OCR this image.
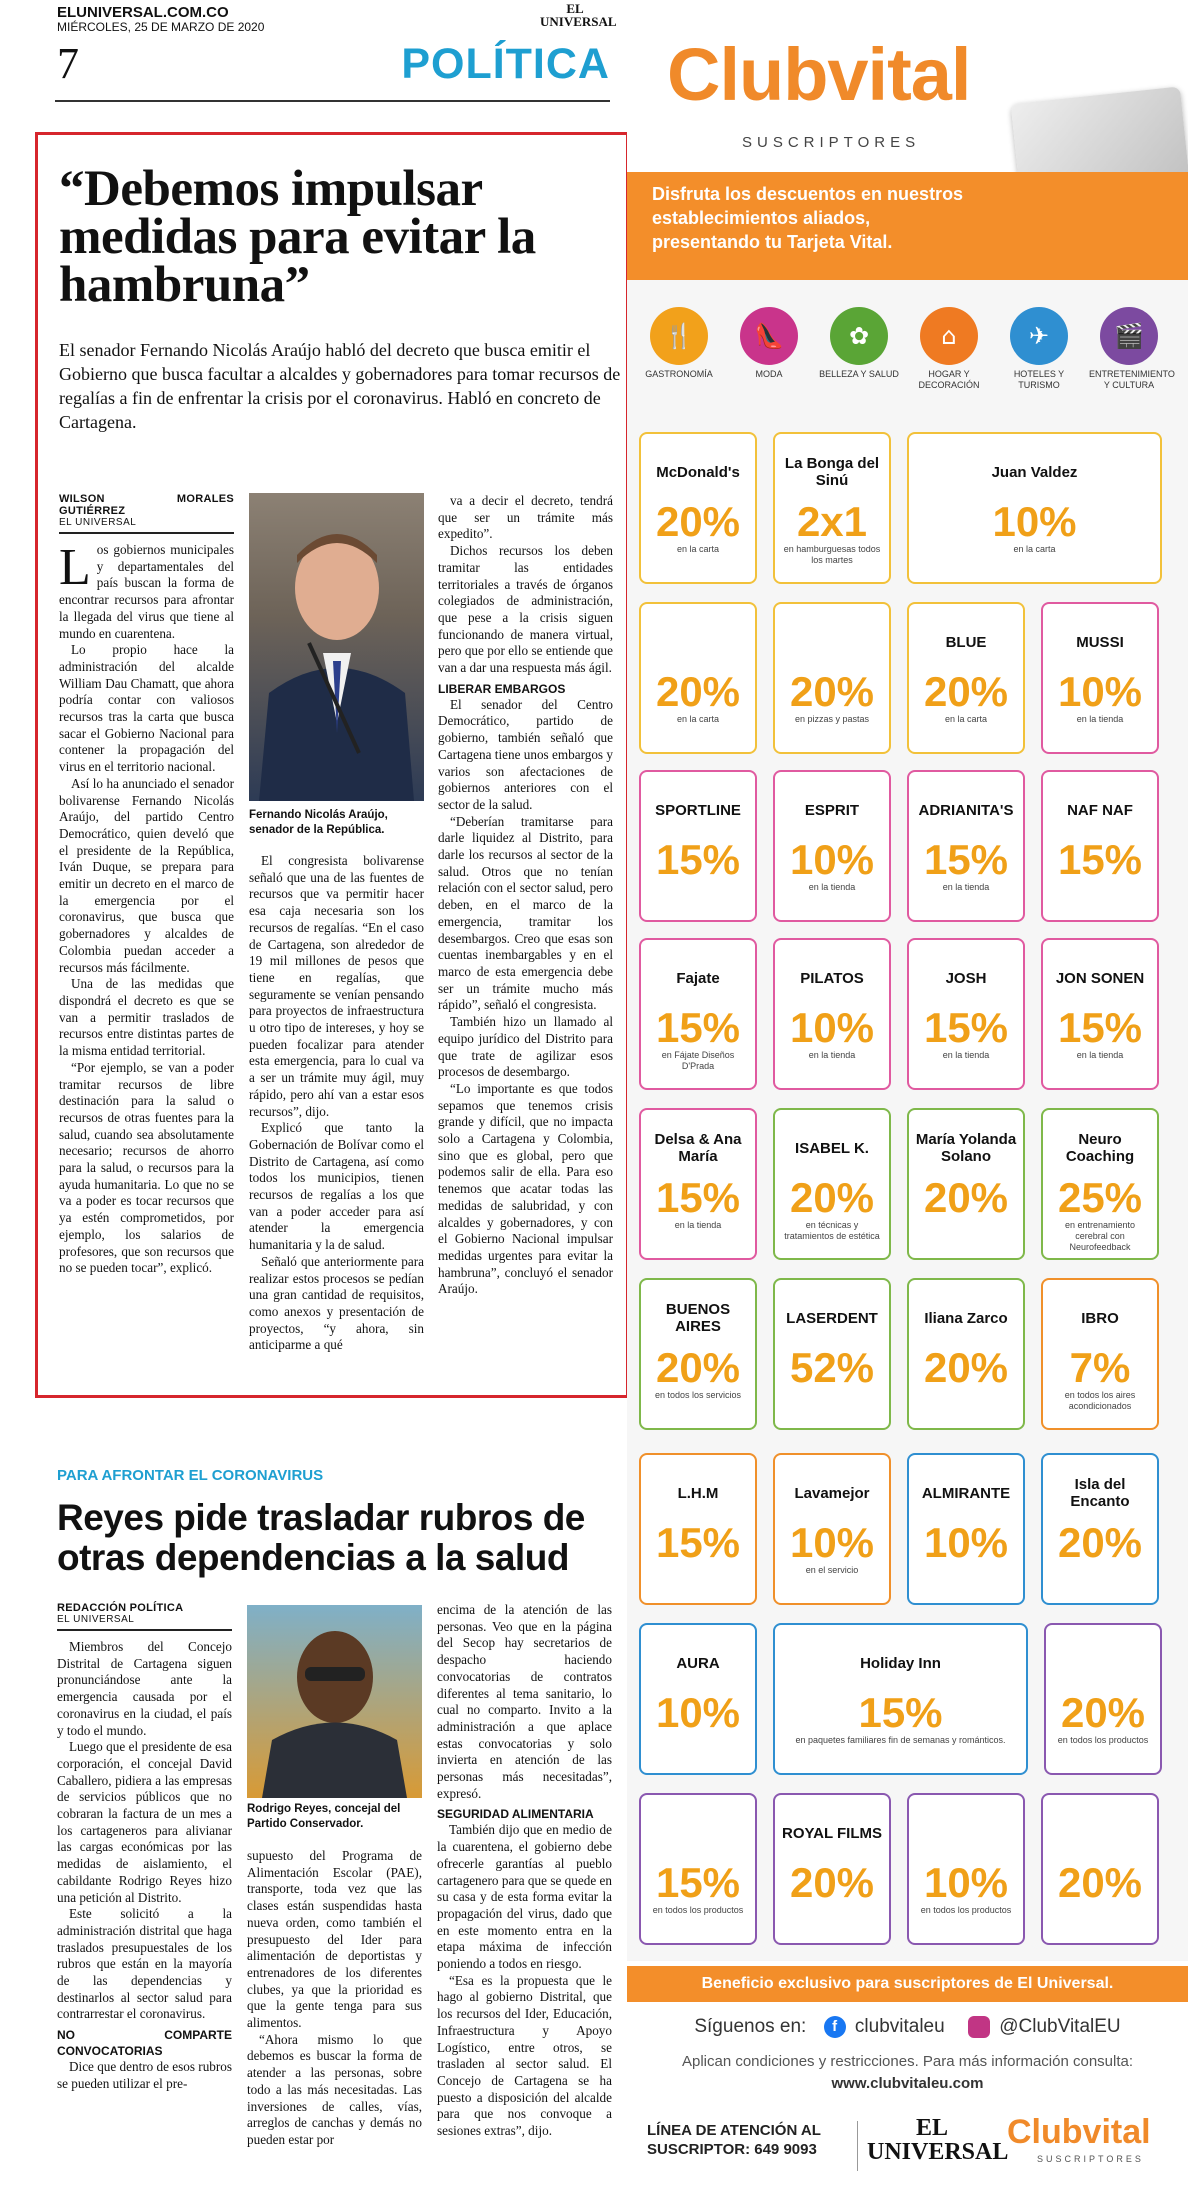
ELUNIVERSAL.COM.CO
MIÉRCOLES, 25 DE MARZO DE 2020
EL UNIVERSAL
7	POLÍTICA
“Debemos impulsar medidas para evitar la hambruna”
El senador Fernando Nicolás Araújo habló del decreto que busca emitir el Gobierno que busca facultar a alcaldes y gobernadores para tomar recursos de regalías a fin de enfrentar la crisis por el coronavirus. Habló en concreto de Cartagena.
WILSON MORALES GUTIÉRREZ
EL UNIVERSAL

Los gobiernos municipales y departamentales del país buscan la forma de encontrar recursos para afrontar la llegada del virus que tiene al mundo en cuarentena.

Lo propio hace la administración del alcalde William Dau Chamatt, que ahora podría contar con valiosos recursos tras la carta que busca sacar el Gobierno Nacional para contener la propagación del virus en el territorio nacional.

Así lo ha anunciado el senador bolivarense Fernando Nicolás Araújo, del partido Centro Democrático, quien develó que el presidente de la República, Iván Duque, se prepara para emitir un decreto en el marco de la emergencia por el coronavirus, que busca que gobernadores y alcaldes de Colombia puedan acceder a recursos más fácilmente.

Una de las medidas que dispondrá el decreto es que se van a permitir traslados de recursos entre distintas partes de la misma entidad territorial.

“Por ejemplo, se van a poder tramitar recursos de libre destinación para la salud o recursos de otras fuentes para la salud, cuando sea absolutamente necesario; recursos de ahorro para la salud, o recursos para la ayuda humanitaria. Lo que no se va a poder es tocar recursos que ya estén comprometidos, por ejemplo, los salarios de profesores, que son recursos que no se pueden tocar”, explicó.

Fernando Nicolás Araújo, senador de la República.

El congresista bolivarense señaló que una de las fuentes de recursos que va permitir hacer esa caja necesaria son los recursos de regalías. “En el caso de Cartagena, son alrededor de 19 mil millones de pesos que tiene en regalías, que seguramente se venían pensando para proyectos de infraestructura u otro tipo de intereses, y hoy se pueden focalizar para atender esta emergencia, para lo cual va a ser un trámite muy ágil, muy rápido, pero ahí van a estar esos recursos”, dijo.

Explicó que tanto la Gobernación de Bolívar como el Distrito de Cartagena, así como todos los municipios, tienen recursos de regalías a los que van a poder acceder para así atender la emergencia humanitaria y la de salud.

Señaló que anteriormente para realizar estos procesos se pedían una gran cantidad de requisitos, como anexos y presentación de proyectos, “y ahora, sin anticiparme a qué

va a decir el decreto, tendrá que ser un trámite más expedito”.

Dichos recursos los deben tramitar las entidades territoriales a través de órganos colegiados de administración, que pese a la crisis siguen funcionando de manera virtual, pero que por ello se entiende que van a dar una respuesta más ágil.

LIBERAR EMBARGOS

El senador del Centro Democrático, partido de gobierno, también señaló que Cartagena tiene unos embargos y varios son afectaciones de gobiernos anteriores con el sector de la salud.

“Deberían tramitarse para darle liquidez al Distrito, para darle los recursos al sector de la salud. Otros que no tenían relación con el sector salud, pero deben, en el marco de la emergencia, tramitar los desembargos. Creo que esas son cuentas inembargables y en el marco de esta emergencia debe ser un trámite mucho más rápido”, señaló el congresista.

También hizo un llamado al equipo jurídico del Distrito para que trate de agilizar esos procesos de desembargo.

“Lo importante es que todos sepamos que tenemos crisis grande y difícil, que no impacta solo a Cartagena y Colombia, sino que es global, pero que podemos salir de ella. Para eso tenemos que acatar todas las medidas de salubridad, y con alcaldes y gobernadores, y con el Gobierno Nacional impulsar medidas urgentes para evitar la hambruna”, concluyó el senador Araújo.

PARA AFRONTAR EL CORONAVIRUS
Reyes pide trasladar rubros de otras dependencias a la salud
REDACCIÓN POLÍTICA
EL UNIVERSAL

Miembros del Concejo Distrital de Cartagena siguen pronunciándose ante la emergencia causada por el coronavirus en la ciudad, el país y todo el mundo.

Luego que el presidente de esa corporación, el concejal David Caballero, pidiera a las empresas de servicios públicos que no cobraran la factura de un mes a los cartageneros para alivianar las cargas económicas por las medidas de aislamiento, el cabildante Rodrigo Reyes hizo una petición al Distrito.

Este solicitó a la administración distrital que haga traslados presupuestales de los rubros que están en la mayoría de las dependencias y destinarlos al sector salud para contrarrestar el coronavirus.

NO COMPARTE CONVOCATORIAS

Dice que dentro de esos rubros se pueden utilizar el pre-

Rodrigo Reyes, concejal del Partido Conservador.

supuesto del Programa de Alimentación Escolar (PAE), transporte, toda vez que las clases están suspendidas hasta nueva orden, como también el presupuesto del Ider para alimentación de deportistas y entrenadores de los diferentes clubes, ya que la prioridad es que la gente tenga para sus alimentos.

“Ahora mismo lo que debemos es buscar la forma de atender a las personas, sobre todo a las más necesitadas. Las inversiones de calles, vías, arreglos de canchas y demás no pueden estar por

encima de la atención de las personas. Veo que en la página del Secop hay secretarios de despacho haciendo convocatorias de contratos diferentes al tema sanitario, lo cual no comparto. Invito a la administración a que aplace estas convocatorias y solo invierta en atención de las personas más necesitadas”, expresó.

SEGURIDAD ALIMENTARIA

También dijo que en medio de la cuarentena, el gobierno debe ofrecerle garantías al pueblo cartagenero para que se quede en su casa y de esta forma evitar la propagación del virus, dado que en este momento entra en la etapa máxima de infección poniendo a todos en riesgo.

“Esa es la propuesta que le hago al gobierno Distrital, que los recursos del Ider, Educación, Infraestructura y Apoyo Logístico, entre otros, se trasladen al sector salud. El Concejo de Cartagena se ha puesto a disposición del alcalde para que nos convoque a sesiones extras”, dijo.

Clubvital
SUSCRIPTORES
Disfruta los descuentos en nuestros establecimientos aliados, presentando tu Tarjeta Vital.
🍴
GASTRONOMÍA
👠
MODA
✿
BELLEZA Y SALUD
⌂
HOGAR Y DECORACIÓN
✈
HOTELES Y TURISMO
🎬
ENTRETENIMIENTO Y CULTURA
McDonald's
20%
en la carta
La Bonga del Sinú
2x1
en hamburguesas todos los martes
Juan Valdez
10%
en la carta
20%
en la carta
20%
en pizzas y pastas
BLUE
20%
en la carta
MUSSI
10%
en la tienda
SPORTLINE
15%
ESPRIT
10%
en la tienda
ADRIANITA'S
15%
en la tienda
NAF NAF
15%
Fajate
15%
en Fájate Diseños D'Prada
PILATOS
10%
en la tienda
JOSH
15%
en la tienda
JON SONEN
15%
en la tienda
Delsa & Ana María
15%
en la tienda
ISABEL K.
20%
en técnicas y tratamientos de estética
María Yolanda Solano
20%
Neuro Coaching
25%
en entrenamiento cerebral con Neurofeedback
BUENOS AIRES
20%
en todos los servicios
LASERDENT
52%
Iliana Zarco
20%
IBRO
7%
en todos los aires acondicionados
L.H.M
15%
Lavamejor
10%
en el servicio
ALMIRANTE
10%
Isla del Encanto
20%
AURA
10%
Holiday Inn
15%
en paquetes familiares fin de semanas y románticos.
20%
en todos los productos
15%
en todos los productos
ROYAL FILMS
20%	10%
en todos los productos
20%
Síguenos en: f clubvitaleu	@ClubVitalEU
Aplican condiciones y restricciones. Para más información consulta:
www.clubvitaleu.com
LÍNEA DE ATENCIÓN AL SUSCRIPTOR: 649 9093
EL UNIVERSAL
Clubvital
SUSCRIPTORES
Beneficio exclusivo para suscriptores de El Universal.
